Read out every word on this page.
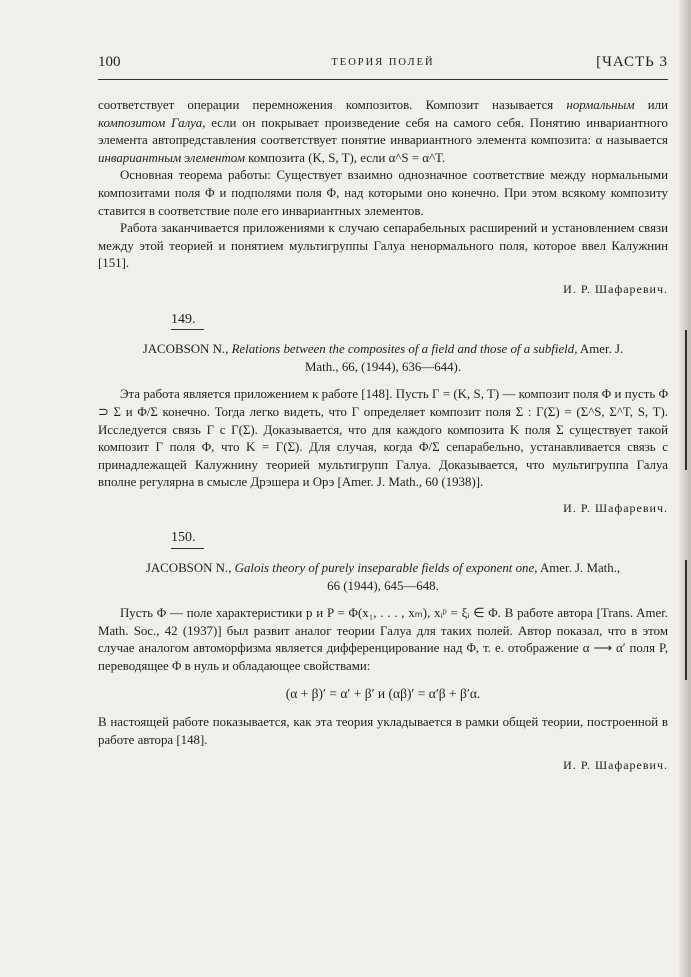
100	ТЕОРИЯ ПОЛЕЙ	[ЧАСТЬ 3

соответствует операции перемножения композитов. Композит называется нормальным или композитом Галуа, если он покрывает произведение себя на самого себя. Понятию инвариантного элемента автопредставления соответствует понятие инвариантного элемента композита: α называется инвариантным элементом композита (K, S, T), если α^S = α^T.

Основная теорема работы: Существует взаимно однозначное соответствие между нормальными композитами поля Φ и подполями поля Φ, над которыми оно конечно. При этом всякому композиту ставится в соответствие поле его инвариантных элементов.

Работа заканчивается приложениями к случаю сепарабельных расширений и установлением связи между этой теорией и понятием мультигруппы Галуа ненормального поля, которое ввел Калужнин [151].

И. Р. Шафаревич.

149.

JACOBSON N., Relations between the composites of a field and those of a subfield, Amer. J. Math., 66, (1944), 636—644).

Эта работа является приложением к работе [148]. Пусть Γ = (K, S, T) — композит поля Φ и пусть Φ ⊃ Σ и Φ/Σ конечно. Тогда легко видеть, что Γ определяет композит поля Σ : Γ(Σ) = (Σ^S, Σ^T, S, T). Исследуется связь Γ с Γ(Σ). Доказывается, что для каждого композита K поля Σ существует такой композит Γ поля Φ, что K = Γ(Σ). Для случая, когда Φ/Σ сепарабельно, устанавливается связь с принадлежащей Калужнину теорией мультигрупп Галуа. Доказывается, что мультигруппа Галуа вполне регулярна в смысле Дрэшера и Орэ [Amer. J. Math., 60 (1938)].

И. Р. Шафаревич.

150.

JACOBSON N., Galois theory of purely inseparable fields of exponent one, Amer. J. Math., 66 (1944), 645—648.

Пусть Φ — поле характеристики p и P = Φ(x₁, . . . , xₘ), xᵢᵖ = ξᵢ ∈ Φ. В работе автора [Trans. Amer. Math. Soc., 42 (1937)] был развит аналог теории Галуа для таких полей. Автор показал, что в этом случае аналогом автоморфизма является дифференцирование над Φ, т. е. отображение α ⟶ α′ поля P, переводящее Φ в нуль и обладающее свойствами:

(α + β)′ = α′ + β′ и (αβ)′ = α′β + β′α.

В настоящей работе показывается, как эта теория укладывается в рамки общей теории, построенной в работе автора [148].

И. Р. Шафаревич.
